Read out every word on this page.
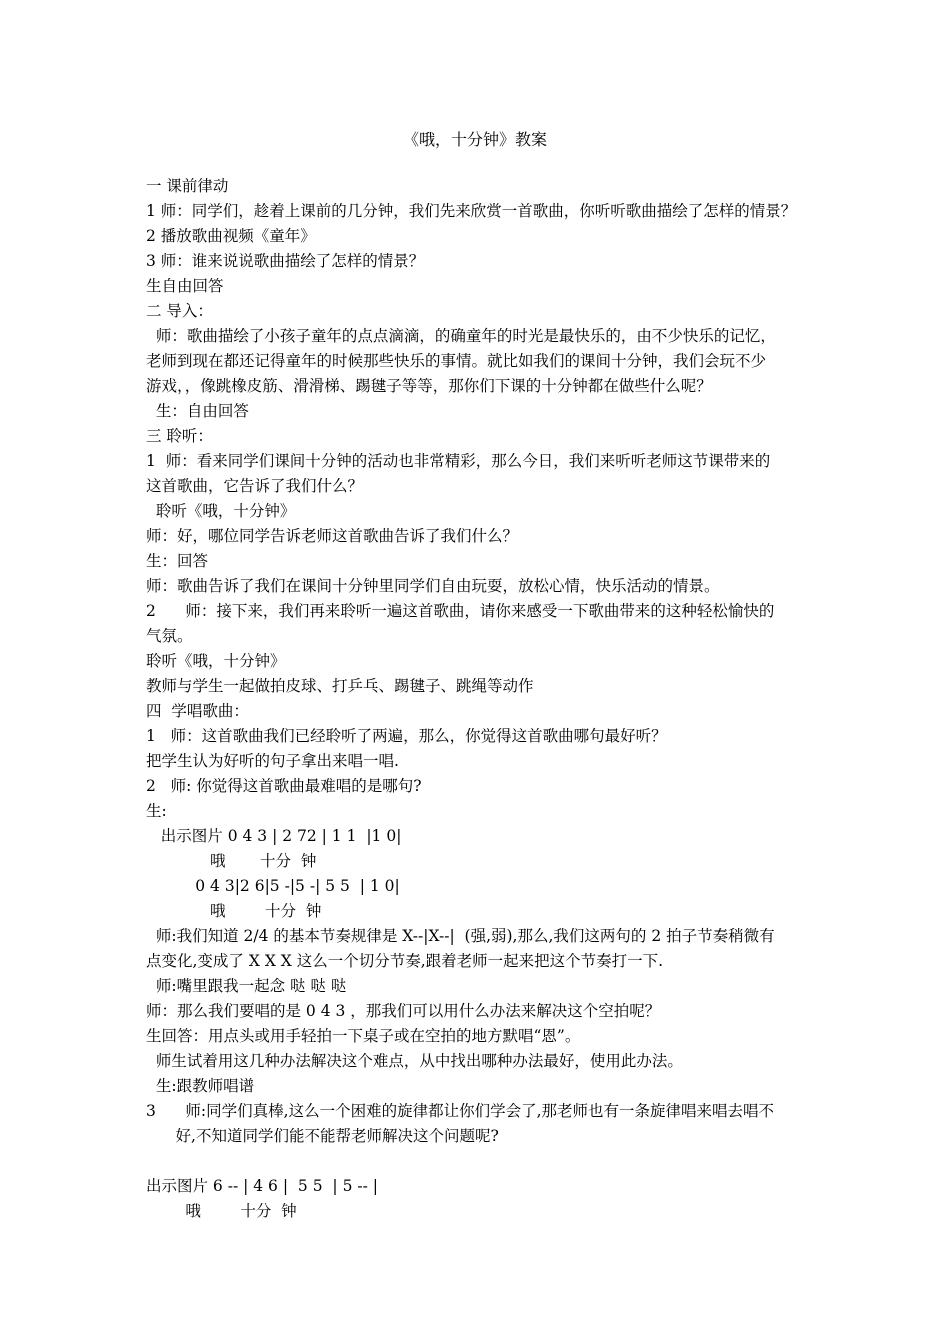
《哦，十分钟》教案
一 课前律动
1 师：同学们，趁着上课前的几分钟，我们先来欣赏一首歌曲，你听听歌曲描绘了怎样的情景？
2 播放歌曲视频《童年》
3 师：谁来说说歌曲描绘了怎样的情景？
生自由回答
二 导入：
师：歌曲描绘了小孩子童年的点点滴滴，的确童年的时光是最快乐的，由不少快乐的记忆，
老师到现在都还记得童年的时候那些快乐的事情。就比如我们的课间十分钟，我们会玩不少
游戏，，像跳橡皮筋、滑滑梯、踢毽子等等，那你们下课的十分钟都在做些什么呢？
生：自由回答
三 聆听：
1  师：看来同学们课间十分钟的活动也非常精彩，那么今日，我们来听听老师这节课带来的
这首歌曲，它告诉了我们什么？
聆听《哦，十分钟》
师：好，哪位同学告诉老师这首歌曲告诉了我们什么？
生：回答
师：歌曲告诉了我们在课间十分钟里同学们自由玩耍，放松心情，快乐活动的情景。
2      师：接下来，我们再来聆听一遍这首歌曲，请你来感受一下歌曲带来的这种轻松愉快的
气氛。
聆听《哦，十分钟》
教师与学生一起做拍皮球、打乒乓、踢毽子、跳绳等动作
四  学唱歌曲：
1   师：这首歌曲我们已经聆听了两遍，那么，你觉得这首歌曲哪句最好听？
把学生认为好听的句子拿出来唱一唱.
2   师: 你觉得这首歌曲最难唱的是哪句?
生:
出示图片 0 4 3 | 2 72 | 1 1  |1 0|
哦       十分  钟
0 4 3|2 6|5 -|5 -| 5 5  | 1 0|
哦        十分  钟
师:我们知道 2/4 的基本节奏规律是 X--|X--|  (强,弱),那么,我们这两句的 2 拍子节奏稍微有
点变化,变成了 X X X 这么一个切分节奏,跟着老师一起来把这个节奏打一下.
师:嘴里跟我一起念 哒 哒 哒
师：那么我们要唱的是 0 4 3 ，那我们可以用什么办法来解决这个空拍呢？
生回答：用点头或用手轻拍一下桌子或在空拍的地方默唱“恩”。
师生试着用这几种办法解决这个难点，从中找出哪种办法最好，使用此办法。
生:跟教师唱谱
3      师:同学们真棒,这么一个困难的旋律都让你们学会了,那老师也有一条旋律唱来唱去唱不
好,不知道同学们能不能帮老师解决这个问题呢?
出示图片 6 -- | 4 6 |  5 5  | 5 -- |
哦        十分  钟
